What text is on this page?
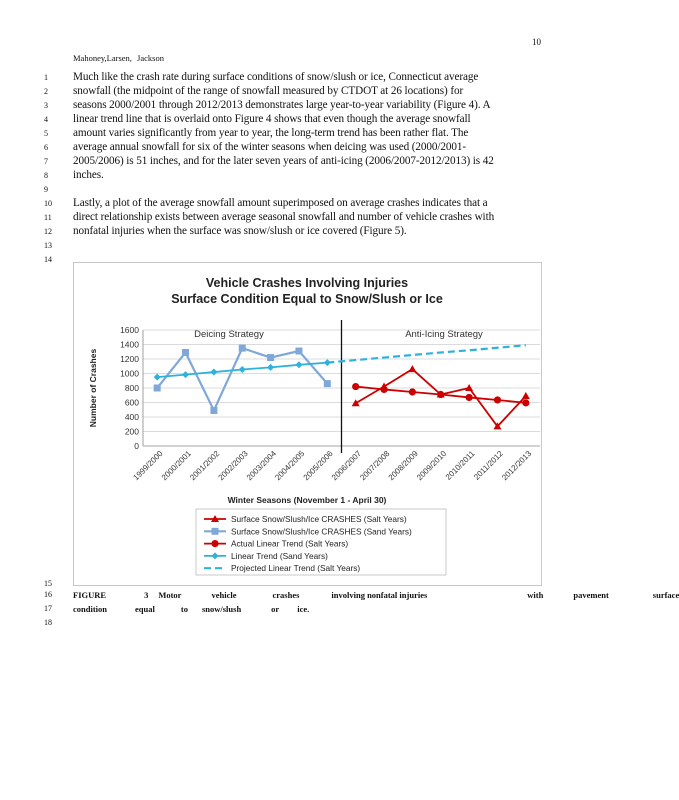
10
Mahoney,Larsen, Jackson
1
2
3
4
5
6
7
8
9
10
11
12
13
14
15
16
17
18
Much like the crash rate during surface conditions of snow/slush or ice, Connecticut average
snowfall (the midpoint of the range of snowfall measured by CTDOT at 26 locations) for
seasons 2000/2001 through 2012/2013 demonstrates large year-to-year variability (Figure 4). A
linear trend line that is overlaid onto Figure 4 shows that even though the average snowfall
amount varies significantly from year to year, the long-term trend has been rather flat. The
average annual snowfall for six of the winter seasons when deicing was used (2000/2001-
2005/2006) is 51 inches, and for the later seven years of anti-icing (2006/2007-2012/2013) is 42
inches.
Lastly, a plot of the average snowfall amount superimposed on average crashes indicates that a
direct relationship exists between average seasonal snowfall and number of vehicle crashes with
nonfatal injuries when the surface was snow/slush or ice covered (Figure 5).
Vehicle Crashes Involving Injuries
Surface Condition Equal to Snow/Slush or Ice
0
200
400
600
800
1000
1200
1400
1600
Number of Crashes
1999/2000
2000/2001
2001/2002
2002/2003
2003/2004
2004/2005
2005/2006
2006/2007
2007/2008
2008/2009
2009/2010
2010/2011
2011/2012
2012/2013
Winter Seasons (November 1 - April 30)
Deicing Strategy	Anti-Icing Strategy
Surface Snow/Slush/Ice CRASHES (Salt Years)
Surface Snow/Slush/Ice CRASHES (Sand Years)
Actual Linear Trend (Salt Years)
Linear Trend (Sand Years)
Projected Linear Trend (Salt Years)
FIGURE	3 Motor	vehicle	crashes	involving nonfatal injuries	with	pavement	surface
condition	equal	to snow/slush	or ice.
